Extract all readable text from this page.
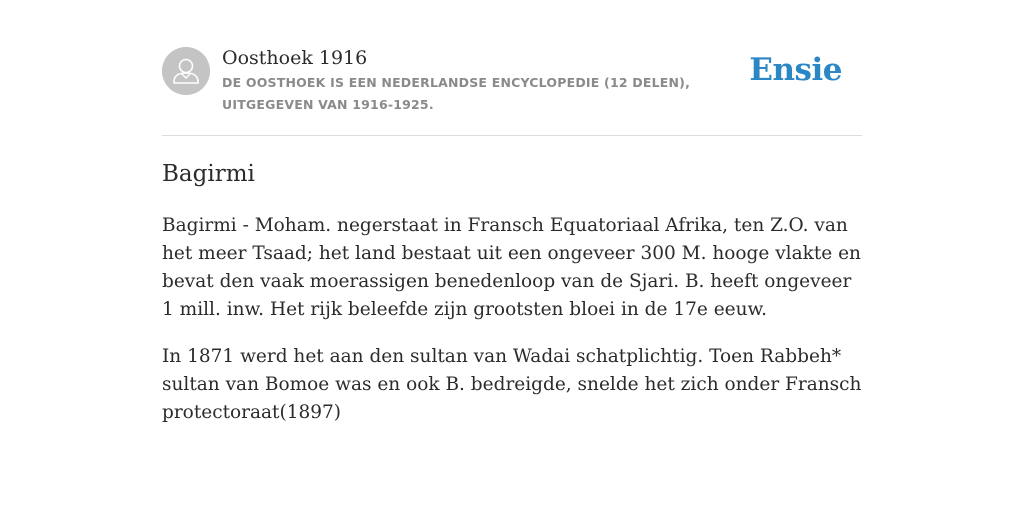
Oosthoek 1916
DE OOSTHOEK IS EEN NEDERLANDSE ENCYCLOPEDIE (12 DELEN), UITGEGEVEN VAN 1916-1925.
Ensie
Bagirmi

Bagirmi - Moham. negerstaat in Fransch Equatoriaal Afrika, ten Z.O. van het meer Tsaad; het land bestaat uit een ongeveer 300 M. hooge vlakte en bevat den vaak moerassigen benedenloop van de Sjari. B. heeft ongeveer 1 mill. inw. Het rijk beleefde zijn grootsten bloei in de 17e eeuw.

In 1871 werd het aan den sultan van Wadai schatplichtig. Toen Rabbeh* sultan van Bomoe was en ook B. bedreigde, snelde het zich onder Fransch protectoraat(1897)
